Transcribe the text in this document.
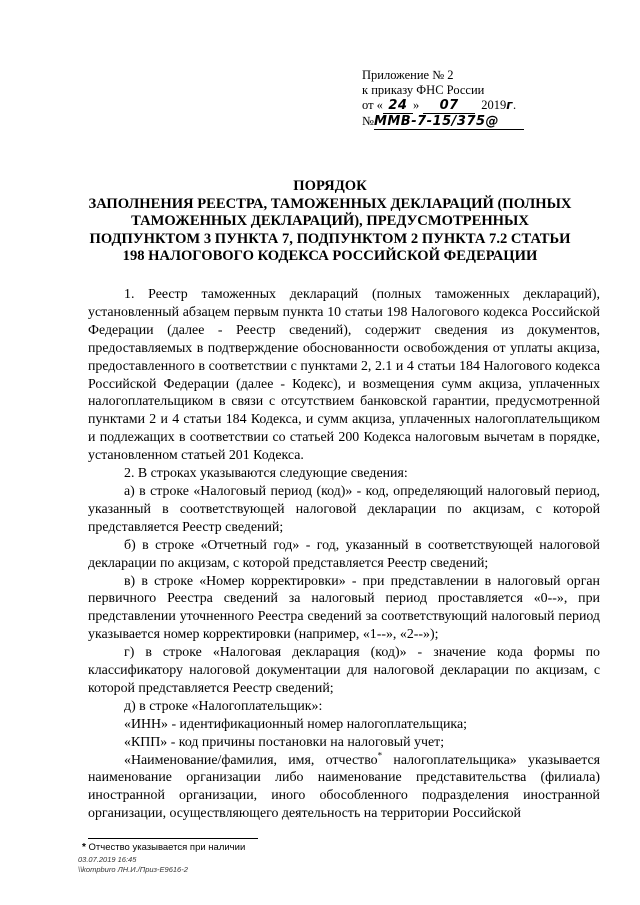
Приложение № 2
к приказу ФНС России
от « 24 » 07 2019г.
№ММВ-7-15/375@
ПОРЯДОК
ЗАПОЛНЕНИЯ РЕЕСТРА, ТАМОЖЕННЫХ ДЕКЛАРАЦИЙ (ПОЛНЫХ
ТАМОЖЕННЫХ ДЕКЛАРАЦИЙ), ПРЕДУСМОТРЕННЫХ
ПОДПУНКТОМ 3 ПУНКТА 7, ПОДПУНКТОМ 2 ПУНКТА 7.2 СТАТЬИ
198 НАЛОГОВОГО КОДЕКСА РОССИЙСКОЙ ФЕДЕРАЦИИ

1. Реестр таможенных деклараций (полных таможенных деклараций), установленный абзацем первым пункта 10 статьи 198 Налогового кодекса Российской Федерации (далее - Реестр сведений), содержит сведения из документов, предоставляемых в подтверждение обоснованности освобождения от уплаты акциза, предоставленного в соответствии с пунктами 2, 2.1 и 4 статьи 184 Налогового кодекса Российской Федерации (далее - Кодекс), и возмещения сумм акциза, уплаченных налогоплательщиком в связи с отсутствием банковской гарантии, предусмотренной пунктами 2 и 4 статьи 184 Кодекса, и сумм акциза, уплаченных налогоплательщиком и подлежащих в соответствии со статьей 200 Кодекса налоговым вычетам в порядке, установленном статьей 201 Кодекса.

2. В строках указываются следующие сведения:

а) в строке «Налоговый период (код)» - код, определяющий налоговый период, указанный в соответствующей налоговой декларации по акцизам, с которой представляется Реестр сведений;

б) в строке «Отчетный год» - год, указанный в соответствующей налоговой декларации по акцизам, с которой представляется Реестр сведений;

в) в строке «Номер корректировки» - при представлении в налоговый орган первичного Реестра сведений за налоговый период проставляется «0--», при представлении уточненного Реестра сведений за соответствующий налоговый период указывается номер корректировки (например, «1--», «2--»);

г) в строке «Налоговая декларация (код)» - значение кода формы по классификатору налоговой документации для налоговой декларации по акцизам, с которой представляется Реестр сведений;

д) в строке «Налогоплательщик»:

«ИНН» - идентификационный номер налогоплательщика;

«КПП» - код причины постановки на налоговый учет;

«Наименование/фамилия, имя, отчество* налогоплательщика» указывается наименование организации либо наименование представительства (филиала) иностранной организации, иного обособленного подразделения иностранной организации, осуществляющего деятельность на территории Российской

* Отчество указывается при наличии
03.07.2019 16:45
\\kompburo ЛН.И./Приз-Е9616-2
